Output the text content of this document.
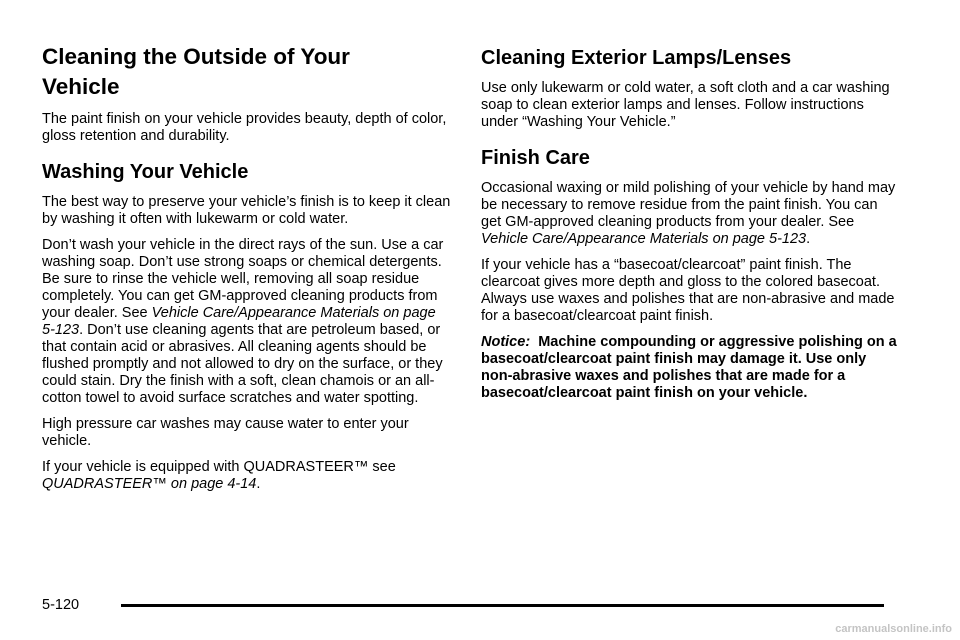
Cleaning the Outside of Your
Vehicle

The paint finish on your vehicle provides beauty, depth of color, gloss retention and durability.

Washing Your Vehicle

The best way to preserve your vehicle’s finish is to keep it clean by washing it often with lukewarm or cold water.

Don’t wash your vehicle in the direct rays of the sun. Use a car washing soap. Don’t use strong soaps or chemical detergents. Be sure to rinse the vehicle well, removing all soap residue completely. You can get GM-approved cleaning products from your dealer. See Vehicle Care/Appearance Materials on page 5-123. Don’t use cleaning agents that are petroleum based, or that contain acid or abrasives. All cleaning agents should be flushed promptly and not allowed to dry on the surface, or they could stain. Dry the finish with a soft, clean chamois or an all-cotton towel to avoid surface scratches and water spotting.

High pressure car washes may cause water to enter your vehicle.

If your vehicle is equipped with QUADRASTEER™ see QUADRASTEER™ on page 4-14.

Cleaning Exterior Lamps/Lenses

Use only lukewarm or cold water, a soft cloth and a car washing soap to clean exterior lamps and lenses. Follow instructions under “Washing Your Vehicle.”

Finish Care

Occasional waxing or mild polishing of your vehicle by hand may be necessary to remove residue from the paint finish. You can get GM-approved cleaning products from your dealer. See Vehicle Care/Appearance Materials on page 5-123.

If your vehicle has a “basecoat/clearcoat” paint finish. The clearcoat gives more depth and gloss to the colored basecoat. Always use waxes and polishes that are non-abrasive and made for a basecoat/clearcoat paint finish.

Notice: Machine compounding or aggressive polishing on a basecoat/clearcoat paint finish may damage it. Use only non-abrasive waxes and polishes that are made for a basecoat/clearcoat paint finish on your vehicle.

5-120
carmanualsonline.info
